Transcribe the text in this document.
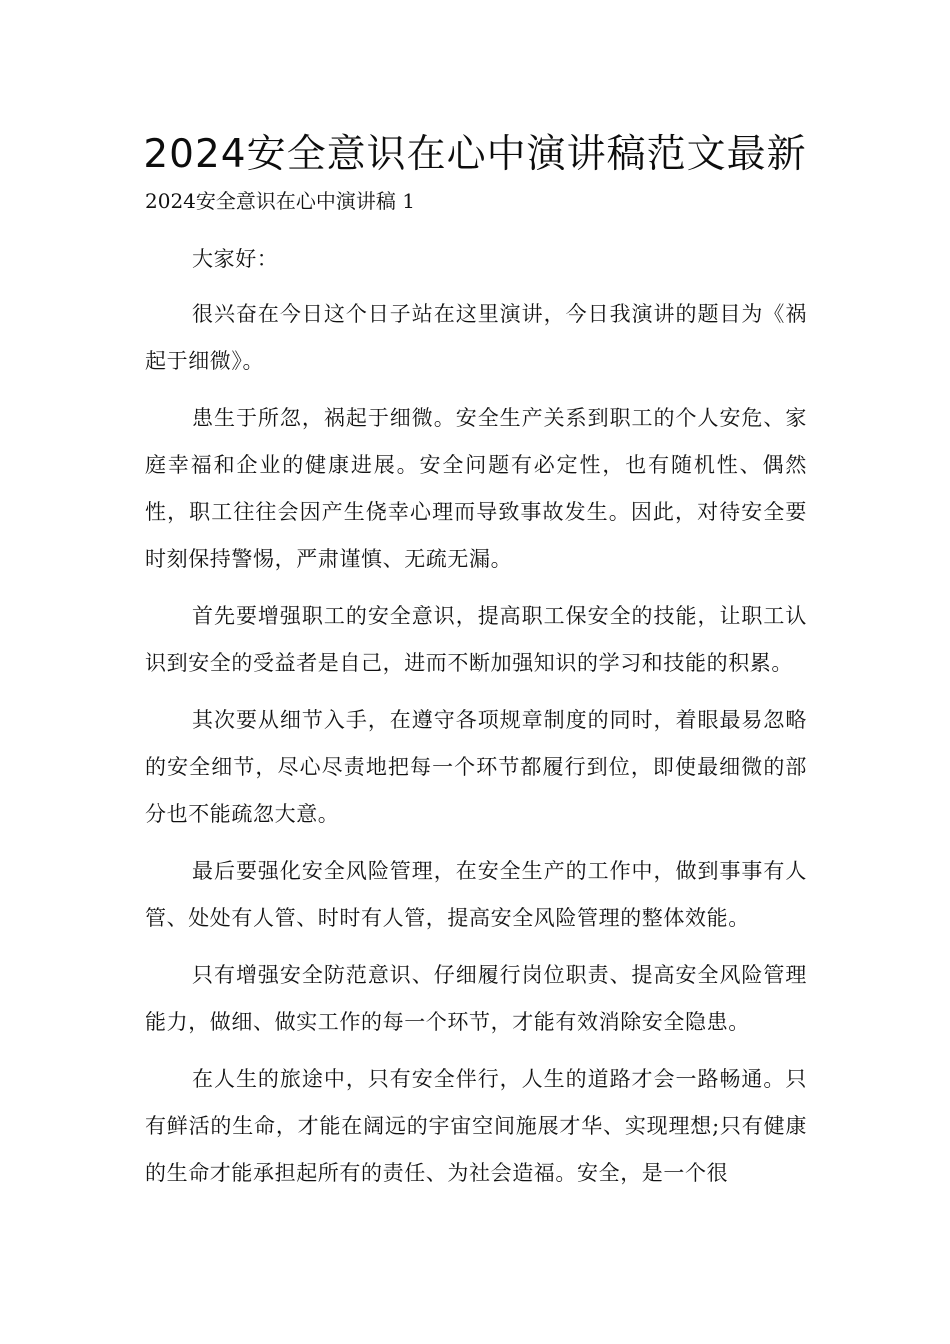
2024安全意识在心中演讲稿范文最新

2024安全意识在心中演讲稿 1

大家好：

很兴奋在今日这个日子站在这里演讲，今日我演讲的题目为《祸起于细微》。

患生于所忽，祸起于细微。安全生产关系到职工的个人安危、家庭幸福和企业的健康进展。安全问题有必定性，也有随机性、偶然性，职工往往会因产生侥幸心理而导致事故发生。因此，对待安全要时刻保持警惕，严肃谨慎、无疏无漏。

首先要增强职工的安全意识，提高职工保安全的技能，让职工认识到安全的受益者是自己，进而不断加强知识的学习和技能的积累。

其次要从细节入手，在遵守各项规章制度的同时，着眼最易忽略的安全细节，尽心尽责地把每一个环节都履行到位，即使最细微的部分也不能疏忽大意。

最后要强化安全风险管理，在安全生产的工作中，做到事事有人管、处处有人管、时时有人管，提高安全风险管理的整体效能。

只有增强安全防范意识、仔细履行岗位职责、提高安全风险管理能力，做细、做实工作的每一个环节，才能有效消除安全隐患。

在人生的旅途中，只有安全伴行，人生的道路才会一路畅通。只有鲜活的生命，才能在阔远的宇宙空间施展才华、实现理想;只有健康的生命才能承担起所有的责任、为社会造福。安全，是一个很
